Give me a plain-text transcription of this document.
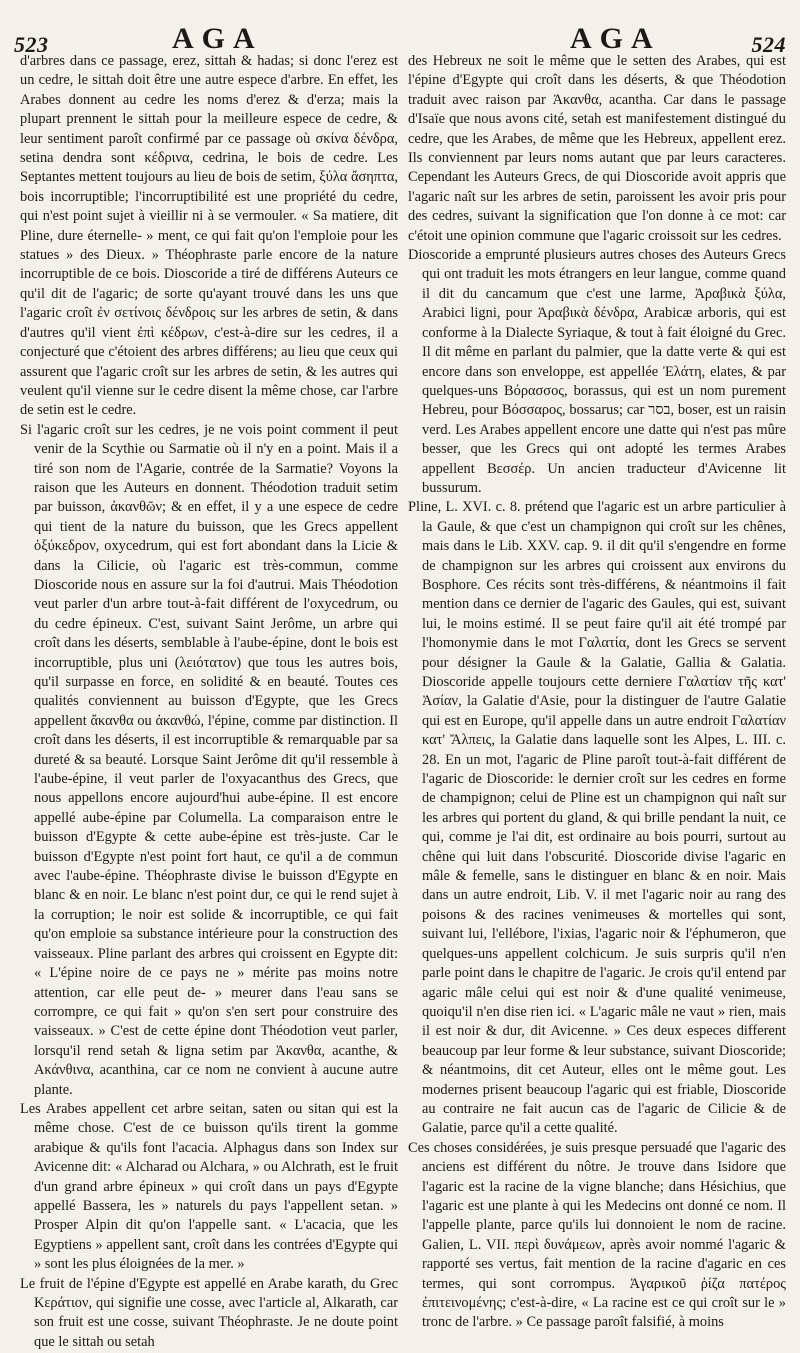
523	AGA	AGA	524

d'arbres dans ce passage, erez, sittah & hadas; si donc l'erez est un cedre, le sittah doit être une autre espece d'arbre. En effet, les Arabes donnent au cedre les noms d'erez & d'erza; mais la plupart prennent le sittah pour la meilleure espece de cedre, & leur sentiment paroît confirmé par ce passage où σκίνα δένδρα, setina dendra sont κέδρινα, cedrina, le bois de cedre. Les Septantes mettent toujours au lieu de bois de setim, ξύλα ἄσηπτα, bois incorruptible; l'incorruptibilité est une propriété du cedre, qui n'est point sujet à vieillir ni à se vermouler. « Sa matiere, dit Pline, dure éternelle- » ment, ce qui fait qu'on l'emploie pour les statues » des Dieux. » Théophraste parle encore de la nature incorruptible de ce bois. Dioscoride a tiré de différens Auteurs ce qu'il dit de l'agaric; de sorte qu'ayant trouvé dans les uns que l'agaric croît ἐν σετίνοις δένδροις sur les arbres de setin, & dans d'autres qu'il vient ἐπὶ κέδρων, c'est-à-dire sur les cedres, il a conjecturé que c'étoient des arbres différens; au lieu que ceux qui assurent que l'agaric croît sur les arbres de setin, & les autres qui veulent qu'il vienne sur le cedre disent la même chose, car l'arbre de setin est le cedre.

Si l'agaric croît sur les cedres, je ne vois point comment il peut venir de la Scythie ou Sarmatie où il n'y en a point. Mais il a tiré son nom de l'Agarie, contrée de la Sarmatie? Voyons la raison que les Auteurs en donnent. Théodotion traduit setim par buisson, ἀκανθῶν; & en effet, il y a une espece de cedre qui tient de la nature du buisson, que les Grecs appellent ὀξύκεδρον, oxycedrum, qui est fort abondant dans la Licie & dans la Cilicie, où l'agaric est très-commun, comme Dioscoride nous en assure sur la foi d'autrui. Mais Théodotion veut parler d'un arbre tout-à-fait différent de l'oxycedrum, ou du cedre épineux. C'est, suivant Saint Jerôme, un arbre qui croît dans les déserts, semblable à l'aube-épine, dont le bois est incorruptible, plus uni (λειότατον) que tous les autres bois, qu'il surpasse en force, en solidité & en beauté. Toutes ces qualités conviennent au buisson d'Egypte, que les Grecs appellent ἄκανθα ou ἀκανθώ, l'épine, comme par distinction. Il croît dans les déserts, il est incorruptible & remarquable par sa dureté & sa beauté. Lorsque Saint Jerôme dit qu'il ressemble à l'aube-épine, il veut parler de l'oxyacanthus des Grecs, que nous appellons encore aujourd'hui aube-épine. Il est encore appellé aube-épine par Columella. La comparaison entre le buisson d'Egypte & cette aube-épine est très-juste. Car le buisson d'Egypte n'est point fort haut, ce qu'il a de commun avec l'aube-épine. Théophraste divise le buisson d'Egypte en blanc & en noir. Le blanc n'est point dur, ce qui le rend sujet à la corruption; le noir est solide & incorruptible, ce qui fait qu'on emploie sa substance intérieure pour la construction des vaisseaux. Pline parlant des arbres qui croissent en Egypte dit: « L'épine noire de ce pays ne » mérite pas moins notre attention, car elle peut de- » meurer dans l'eau sans se corrompre, ce qui fait » qu'on s'en sert pour construire des vaisseaux. » C'est de cette épine dont Théodotion veut parler, lorsqu'il rend setah & ligna setim par Ἀκανθα, acanthe, & Ακάνθινα, acanthina, car ce nom ne convient à aucune autre plante.

Les Arabes appellent cet arbre seitan, saten ou sitan qui est la même chose. C'est de ce buisson qu'ils tirent la gomme arabique & qu'ils font l'acacia. Alphagus dans son Index sur Avicenne dit: « Alcharad ou Alchara, » ou Alchrath, est le fruit d'un grand arbre épineux » qui croît dans un pays d'Egypte appellé Bassera, les » naturels du pays l'appellent setan. » Prosper Alpin dit qu'on l'appelle sant. « L'acacia, que les Egyptiens » appellent sant, croît dans les contrées d'Egypte qui » sont les plus éloignées de la mer. »

Le fruit de l'épine d'Egypte est appellé en Arabe karath, du Grec Κεράτιον, qui signifie une cosse, avec l'article al, Alkarath, car son fruit est une cosse, suivant Théophraste. Je ne doute point que le sittah ou setah

des Hebreux ne soit le même que le setten des Arabes, qui est l'épine d'Egypte qui croît dans les déserts, & que Théodotion traduit avec raison par Ἀκανθα, acantha. Car dans le passage d'Isaïe que nous avons cité, setah est manifestement distingué du cedre, que les Arabes, de même que les Hebreux, appellent erez. Ils conviennent par leurs noms autant que par leurs caracteres. Cependant les Auteurs Grecs, de qui Dioscoride avoit appris que l'agaric naît sur les arbres de setin, paroissent les avoir pris pour des cedres, suivant la signification que l'on donne à ce mot: car c'étoit une opinion commune que l'agaric croissoit sur les cedres.

Dioscoride a emprunté plusieurs autres choses des Auteurs Grecs qui ont traduit les mots étrangers en leur langue, comme quand il dit du cancamum que c'est une larme, Ἀραβικὰ ξύλα, Arabici ligni, pour Ἀραβικὰ δένδρα, Arabicæ arboris, qui est conforme à la Dialecte Syriaque, & tout à fait éloigné du Grec. Il dit même en parlant du palmier, que la datte verte & qui est encore dans son enveloppe, est appellée Ἐλάτη, elates, & par quelques-uns Βόρασσος, borassus, qui est un nom purement Hebreu, pour Βόσσαρος, bossarus; car בסר, boser, est un raisin verd. Les Arabes appellent encore une datte qui n'est pas mûre besser, que les Grecs qui ont adopté les termes Arabes appellent Βεσσέρ. Un ancien traducteur d'Avicenne lit bussurum.

Pline, L. XVI. c. 8. prétend que l'agaric est un arbre particulier à la Gaule, & que c'est un champignon qui croît sur les chênes, mais dans le Lib. XXV. cap. 9. il dit qu'il s'engendre en forme de champignon sur les arbres qui croissent aux environs du Bosphore. Ces récits sont très-différens, & néantmoins il fait mention dans ce dernier de l'agaric des Gaules, qui est, suivant lui, le moins estimé. Il se peut faire qu'il ait été trompé par l'homonymie dans le mot Γαλατία, dont les Grecs se servent pour désigner la Gaule & la Galatie, Gallia & Galatia. Dioscoride appelle toujours cette derniere Γαλατίαν τῆς κατ' Ἀσίαν, la Galatie d'Asie, pour la distinguer de l'autre Galatie qui est en Europe, qu'il appelle dans un autre endroit Γαλατίαν κατ' Ἄλπεις, la Galatie dans laquelle sont les Alpes, L. III. c. 28. En un mot, l'agaric de Pline paroît tout-à-fait différent de l'agaric de Dioscoride: le dernier croît sur les cedres en forme de champignon; celui de Pline est un champignon qui naît sur les arbres qui portent du gland, & qui brille pendant la nuit, ce qui, comme je l'ai dit, est ordinaire au bois pourri, surtout au chêne qui luit dans l'obscurité. Dioscoride divise l'agaric en mâle & femelle, sans le distinguer en blanc & en noir. Mais dans un autre endroit, Lib. V. il met l'agaric noir au rang des poisons & des racines venimeuses & mortelles qui sont, suivant lui, l'ellébore, l'ixias, l'agaric noir & l'éphumeron, que quelques-uns appellent colchicum. Je suis surpris qu'il n'en parle point dans le chapitre de l'agaric. Je crois qu'il entend par agaric mâle celui qui est noir & d'une qualité venimeuse, quoiqu'il n'en dise rien ici. « L'agaric mâle ne vaut » rien, mais il est noir & dur, dit Avicenne. » Ces deux especes different beaucoup par leur forme & leur substance, suivant Dioscoride; & néantmoins, dit cet Auteur, elles ont le même gout. Les modernes prisent beaucoup l'agaric qui est friable, Dioscoride au contraire ne fait aucun cas de l'agaric de Cilicie & de Galatie, parce qu'il a cette qualité.

Ces choses considérées, je suis presque persuadé que l'agaric des anciens est différent du nôtre. Je trouve dans Isidore que l'agaric est la racine de la vigne blanche; dans Hésichius, que l'agaric est une plante à qui les Medecins ont donné ce nom. Il l'appelle plante, parce qu'ils lui donnoient le nom de racine. Galien, L. VII. περὶ δυνάμεων, après avoir nommé l'agaric & rapporté ses vertus, fait mention de la racine d'agaric en ces termes, qui sont corrompus. Ἀγαρικοῦ ῥίζα πατέρος ἐπιτεινομένης; c'est-à-dire, « La racine est ce qui croît sur le » tronc de l'arbre. » Ce passage paroît falsifié, à moins
